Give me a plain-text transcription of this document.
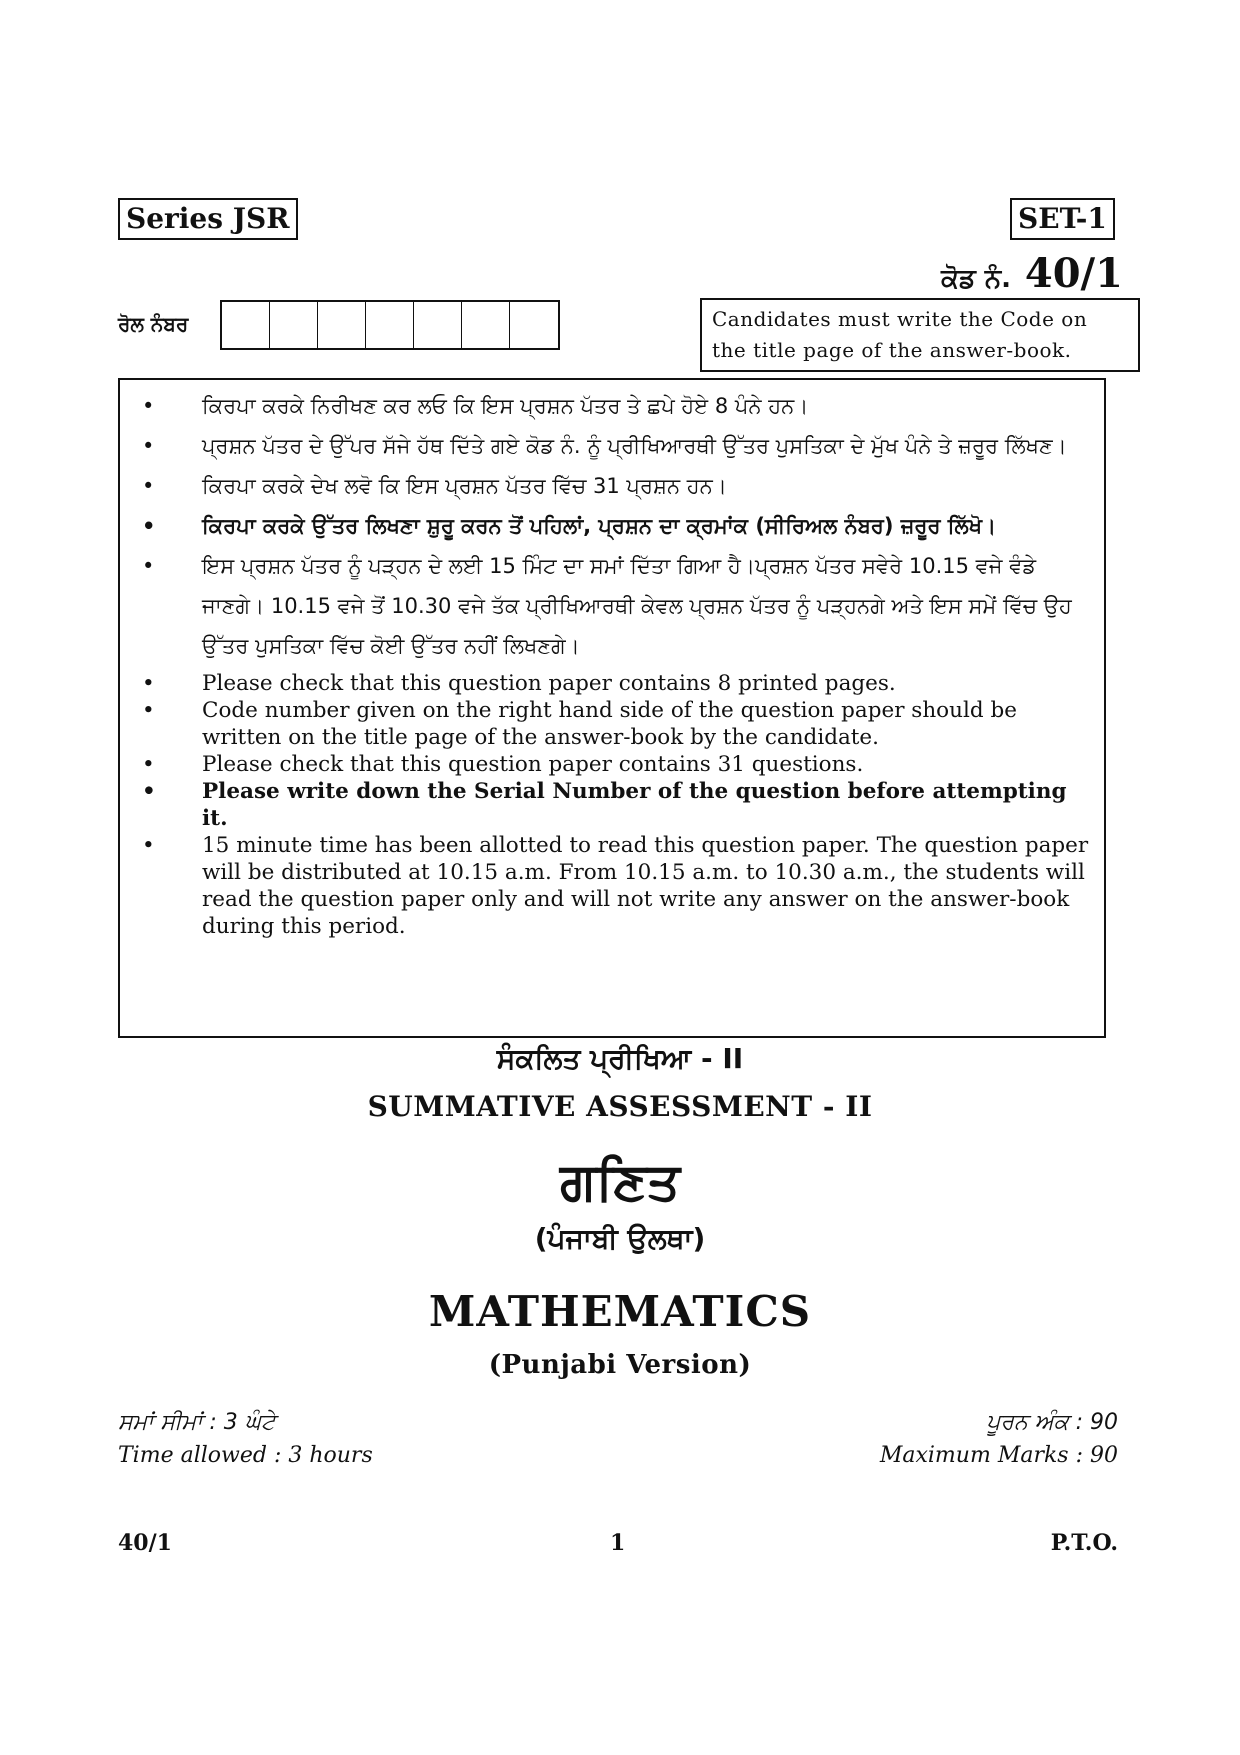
Series JSR	SET-1
ਕੋਡ ਨੰ. 40/1
ਰੋਲ ਨੰਬਰ	Candidates must write the Code on the title page of the answer-book.
• ਕਿਰਪਾ ਕਰਕੇ ਨਿਰੀਖਣ ਕਰ ਲਓ ਕਿ ਇਸ ਪ੍ਰਸ਼ਨ ਪੱਤਰ ਤੇ ਛਪੇ ਹੋਏ 8 ਪੰਨੇ ਹਨ।
• ਪ੍ਰਸ਼ਨ ਪੱਤਰ ਦੇ ਉੱਪਰ ਸੱਜੇ ਹੱਥ ਦਿੱਤੇ ਗਏ ਕੋਡ ਨੰ. ਨੂੰ ਪ੍ਰੀਖਿਆਰਥੀ ਉੱਤਰ ਪੁਸਤਿਕਾ ਦੇ ਮੁੱਖ ਪੰਨੇ ਤੇ ਜ਼ਰੂਰ ਲਿੱਖਣ।
• ਕਿਰਪਾ ਕਰਕੇ ਦੇਖ ਲਵੋ ਕਿ ਇਸ ਪ੍ਰਸ਼ਨ ਪੱਤਰ ਵਿੱਚ 31 ਪ੍ਰਸ਼ਨ ਹਨ।
• ਕਿਰਪਾ ਕਰਕੇ ਉੱਤਰ ਲਿਖਣਾ ਸ਼ੁਰੂ ਕਰਨ ਤੋਂ ਪਹਿਲਾਂ, ਪ੍ਰਸ਼ਨ ਦਾ ਕ੍ਰਮਾਂਕ (ਸੀਰਿਅਲ ਨੰਬਰ) ਜ਼ਰੂਰ ਲਿੱਖੋ।
• ਇਸ ਪ੍ਰਸ਼ਨ ਪੱਤਰ ਨੂੰ ਪੜ੍ਹਨ ਦੇ ਲਈ 15 ਮਿੰਟ ਦਾ ਸਮਾਂ ਦਿੱਤਾ ਗਿਆ ਹੈ।ਪ੍ਰਸ਼ਨ ਪੱਤਰ ਸਵੇਰੇ 10.15 ਵਜੇ ਵੰਡੇ ਜਾਣਗੇ। 10.15 ਵਜੇ ਤੋਂ 10.30 ਵਜੇ ਤੱਕ ਪ੍ਰੀਖਿਆਰਥੀ ਕੇਵਲ ਪ੍ਰਸ਼ਨ ਪੱਤਰ ਨੂੰ ਪੜ੍ਹਨਗੇ ਅਤੇ ਇਸ ਸਮੇਂ ਵਿੱਚ ਉਹ ਉੱਤਰ ਪੁਸਤਿਕਾ ਵਿੱਚ ਕੋਈ ਉੱਤਰ ਨਹੀਂ ਲਿਖਣਗੇ।
• Please check that this question paper contains 8 printed pages.
• Code number given on the right hand side of the question paper should be written on the title page of the answer-book by the candidate.
• Please check that this question paper contains 31 questions.
• Please write down the Serial Number of the question before attempting it.
• 15 minute time has been allotted to read this question paper. The question paper will be distributed at 10.15 a.m. From 10.15 a.m. to 10.30 a.m., the students will read the question paper only and will not write any answer on the answer-book during this period.
ਸੰਕਲਿਤ ਪ੍ਰੀਖਿਆ - II
SUMMATIVE ASSESSMENT - II
ਗਣਿਤ
(ਪੰਜਾਬੀ ਉਲਥਾ)
MATHEMATICS
(Punjabi Version)
ਸਮਾਂ ਸੀਮਾਂ : 3 ਘੰਟੇ
Time allowed : 3 hours
ਪੂਰਨ ਅੰਕ : 90
Maximum Marks : 90
40/1	1	P.T.O.
